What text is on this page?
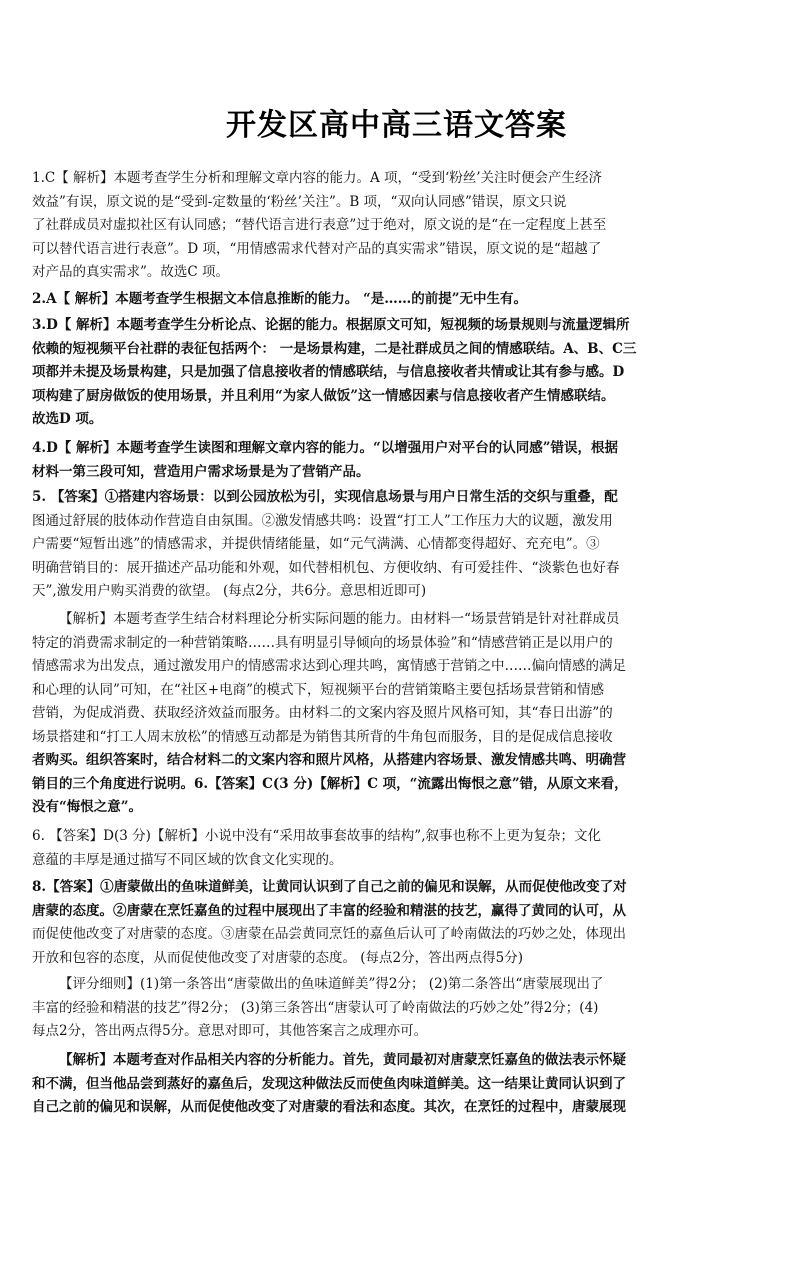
开发区高中高三语文答案
1.C【 解析】本题考查学生分析和理解文章内容的能力。A 项，“受到‘粉丝’关注时便会产生经济
效益”有误，原文说的是“受到-定数量的‘粉丝’关注”。B 项，“双向认同感”错误，原文只说
了社群成员对虚拟社区有认同感；“替代语言进行表意”过于绝对，原文说的是“在一定程度上甚至
可以替代语言进行表意”。D 项，“用情感需求代替对产品的真实需求”错误，原文说的是“超越了
对产品的真实需求”。故选C 项。
2.A【 解析】本题考查学生根据文本信息推断的能力。 “是……的前提”无中生有。
3.D【 解析】本题考查学生分析论点、论据的能力。根据原文可知，短视频的场景规则与流量逻辑所
依赖的短视频平台社群的表征包括两个： 一是场景构建，二是社群成员之间的情感联结。A、B、C三
项都并未提及场景构建，只是加强了信息接收者的情感联结，与信息接收者共情或让其有参与感。D
项构建了厨房做饭的使用场景，并且利用“为家人做饭”这一情感因素与信息接收者产生情感联结。
故选D 项。
4.D【 解析】本题考查学生读图和理解文章内容的能力。“以增强用户对平台的认同感”错误，根据
材料一第三段可知，营造用户需求场景是为了营销产品。
5. 【答案】①搭建内容场景：以到公园放松为引，实现信息场景与用户日常生活的交织与重叠，配
图通过舒展的肢体动作营造自由氛围。②激发情感共鸣：设置“打工人”工作压力大的议题，激发用
户需要“短暂出逃”的情感需求，并提供情绪能量，如“元气满满、心情都变得超好、充充电”。③
明确营销目的：展开描述产品功能和外观，如代替相机包、方便收纳、有可爱挂件、“淡紫色也好春
天”,激发用户购买消费的欲望。 (每点2分，共6分。意思相近即可)
【解析】本题考查学生结合材料理论分析实际问题的能力。由材料一“场景营销是针对社群成员
特定的消费需求制定的一种营销策略……具有明显引导倾向的场景体验”和“情感营销正是以用户的
情感需求为出发点，通过激发用户的情感需求达到心理共鸣，寓情感于营销之中……偏向情感的满足
和心理的认同”可知，在“社区+电商”的模式下，短视频平台的营销策略主要包括场景营销和情感
营销，为促成消费、获取经济效益而服务。由材料二的文案内容及照片风格可知，其“春日出游”的
场景搭建和“打工人周末放松”的情感互动都是为销售其所背的牛角包而服务，目的是促成信息接收
者购买。组织答案时，结合材料二的文案内容和照片风格，从搭建内容场景、激发情感共鸣、明确营
销目的三个角度进行说明。6.【答案】C(3 分)【解析】C 项，“流露出悔恨之意”错，从原文来看，
没有“悔恨之意”。
6. 【答案】D(3 分)【解析】小说中没有“采用故事套故事的结构”,叙事也称不上更为复杂；文化
意蕴的丰厚是通过描写不同区域的饮食文化实现的。
8.【答案】①唐蒙做出的鱼味道鲜美，让黄同认识到了自己之前的偏见和误解，从而促使他改变了对
唐蒙的态度。②唐蒙在烹饪嘉鱼的过程中展现出了丰富的经验和精湛的技艺，赢得了黄同的认可，从
而促使他改变了对唐蒙的态度。③唐蒙在品尝黄同烹饪的嘉鱼后认可了岭南做法的巧妙之处，体现出
开放和包容的态度，从而促使他改变了对唐蒙的态度。 (每点2分，答出两点得5分)
【评分细则】(1)第一条答出“唐蒙做出的鱼味道鲜美”得2分； (2)第二条答出“唐蒙展现出了
丰富的经验和精湛的技艺”得2分； (3)第三条答出“唐蒙认可了岭南做法的巧妙之处”得2分；(4)
每点2分，答出两点得5分。意思对即可，其他答案言之成理亦可。
【解析】本题考查对作品相关内容的分析能力。首先，黄同最初对唐蒙烹饪嘉鱼的做法表示怀疑
和不满，但当他品尝到蒸好的嘉鱼后，发现这种做法反而使鱼肉味道鲜美。这一结果让黄同认识到了
自己之前的偏见和误解，从而促使他改变了对唐蒙的看法和态度。其次，在烹饪的过程中，唐蒙展现
